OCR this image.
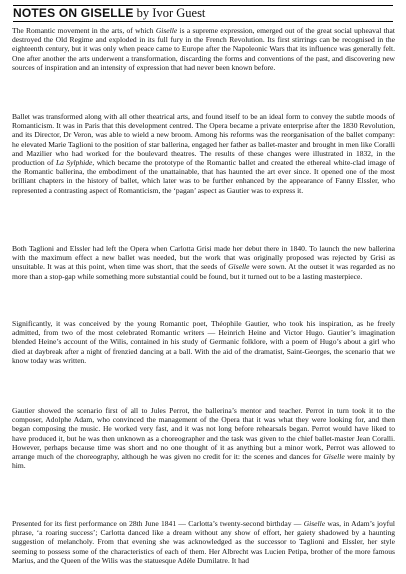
NOTES ON GISELLE by Ivor Guest

The Romantic movement in the arts, of which Giselle is a supreme expression, emerged out of the great social upheaval that destroyed the Old Regime and exploded in its full fury in the French Revolution. Its first stirrings can be recognised in the eighteenth century, but it was only when peace came to Europe after the Napoleonic Wars that its influence was generally felt. One after another the arts underwent a transformation, discarding the forms and conventions of the past, and discovering new sources of inspiration and an intensity of expression that had never been known before.

Ballet was transformed along with all other theatrical arts, and found itself to be an ideal form to convey the subtle moods of Romanticism. It was in Paris that this development centred. The Opera became a private enterprise after the 1830 Revolution, and its Director, Dr Veron, was able to wield a new broom. Among his reforms was the reorganisation of the ballet company: he elevated Marie Taglioni to the position of star ballerina, engaged her father as ballet-master and brought in men like Coralli and Mazilier who had worked for the boulevard theatres. The results of these changes were illustrated in 1832, in the production of La Sylphide, which became the prototype of the Romantic ballet and created the ethereal white-clad image of the Romantic ballerina, the embodiment of the unattainable, that has haunted the art ever since. It opened one of the most brilliant chapters in the history of ballet, which later was to be further enhanced by the appearance of Fanny Elssler, who represented a contrasting aspect of Romanticism, the ‘pagan’ aspect as Gautier was to express it.

Both Taglioni and Elssler had left the Opera when Carlotta Grisi made her debut there in 1840. To launch the new ballerina with the maximum effect a new ballet was needed, but the work that was originally proposed was rejected by Grisi as unsuitable. It was at this point, when time was short, that the seeds of Giselle were sown. At the outset it was regarded as no more than a stop-gap while something more substantial could be found, but it turned out to be a lasting masterpiece.

Significantly, it was conceived by the young Romantic poet, Théophile Gautier, who took his inspiration, as he freely admitted, from two of the most celebrated Romantic writers — Heinrich Heine and Victor Hugo. Gautier’s imagination blended Heine’s account of the Wilis, contained in his study of Germanic folklore, with a poem of Hugo’s about a girl who died at daybreak after a night of frenzied dancing at a ball. With the aid of the dramatist, Saint-Georges, the scenario that we know today was written.

Gautier showed the scenario first of all to Jules Perrot, the ballerina’s mentor and teacher. Perrot in turn took it to the composer, Adolphe Adam, who convinced the management of the Opera that it was what they were looking for, and then began composing the music. He worked very fast, and it was not long before rehearsals began. Perrot would have liked to have produced it, but he was then unknown as a choreographer and the task was given to the chief ballet-master Jean Coralli. However, perhaps because time was short and no one thought of it as anything but a minor work, Perrot was allowed to arrange much of the choreography, although he was given no credit for it: the scenes and dances for Giselle were mainly by him.

Presented for its first performance on 28th June 1841 — Carlotta’s twenty-second birthday — Giselle was, in Adam’s joyful phrase, ‘a roaring success’; Carlotta danced like a dream without any show of effort, her gaiety shadowed by a haunting suggestion of melancholy. From that evening she was acknowledged as the successor to Taglioni and Elssler, her style seeming to possess some of the characteristics of each of them. Her Albrecht was Lucien Petipa, brother of the more famous Marius, and the Queen of the Wilis was the statuesque Adèle Dumilatre. It had
